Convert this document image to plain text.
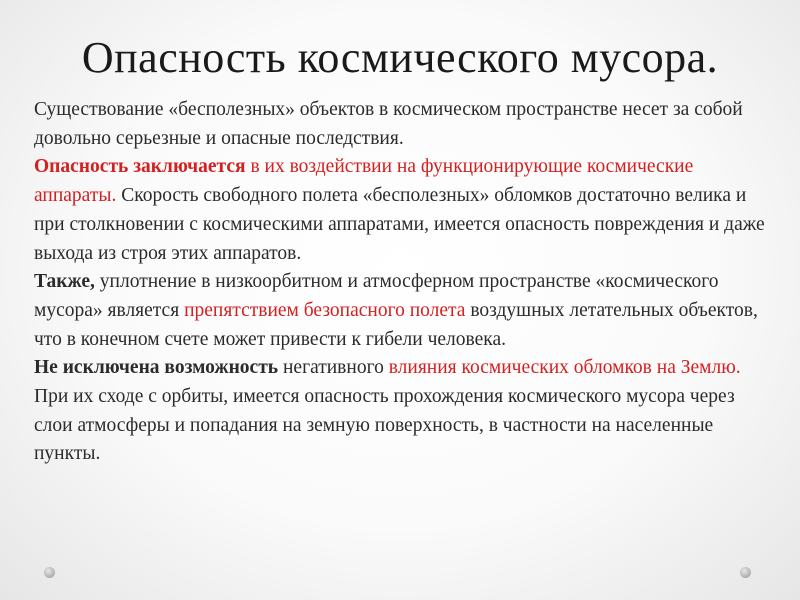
Опасность космического мусора.

Существование «бесполезных» объектов в космическом пространстве несет за собой довольно серьезные и опасные последствия.

Опасность заключается в их воздействии на функционирующие космические аппараты. Скорость свободного полета «бесполезных» обломков достаточно велика и при столкновении с космическими аппаратами, имеется опасность повреждения и даже выхода из строя этих аппаратов.

Также, уплотнение в низкоорбитном и атмосферном пространстве «космического мусора» является препятствием безопасного полета воздушных летательных объектов, что в конечном счете может привести к гибели человека.

Не исключена возможность негативного влияния космических обломков на Землю. При их сходе с орбиты, имеется опасность прохождения космического мусора через слои атмосферы и попадания на земную поверхность, в частности на населенные пункты.
